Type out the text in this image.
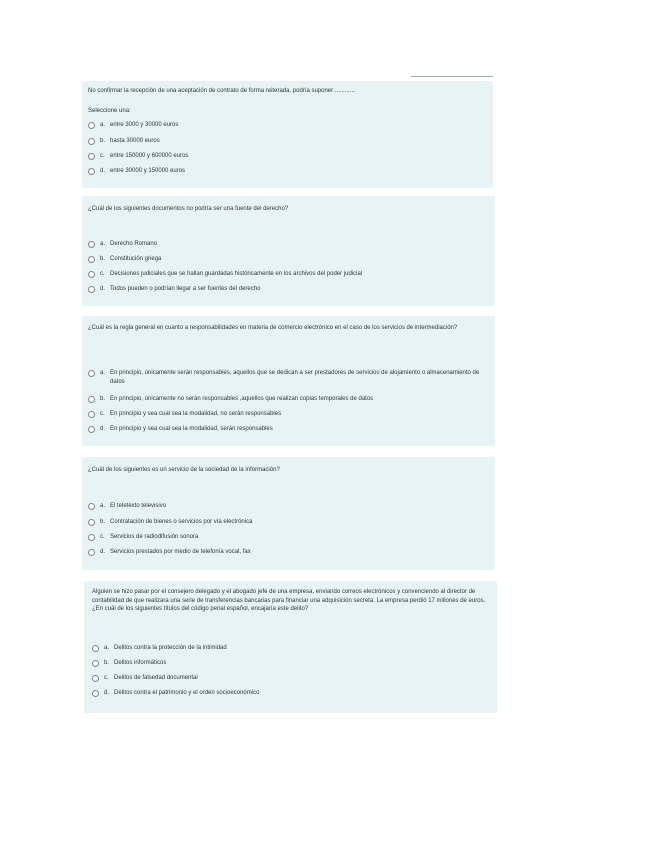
No confirmar la recepción de una aceptación de contrato de forma reiterada, podría suponer ............
Seleccione una:
a. entre 3000 y 30000 euros
b. hasta 30000 euros
c. entre 150000 y 600000 euros
d. entre 30000 y 150000 euros
¿Cuál de los siguientes documentos no podría ser una fuente del derecho?
a. Derecho Romano
b. Constitución griega
c. Decisiones judiciales que se hallan guardadas históricamente en los archivos del poder judicial
d. Todos pueden o podrían llegar a ser fuentes del derecho
¿Cuál es la regla general en cuanto a responsabilidades en materia de comercio electrónico en el caso de los servicios de intermediación?
a. En principio, únicamente serán responsables, aquellos que se dedican a ser prestadores de servicios de alojamiento o almacenamiento de datos
b. En principio, únicamente no serán responsables ,aquellos que realizan copias temporales de datos
c. En principio y sea cual sea la modalidad, no serán responsables
d. En principio y sea cual sea la modalidad, serán responsables
¿Cuál de los siguientes es un servicio de la sociedad de la información?
a. El teletexto televisivo
b. Contratación de bienes o servicios por vía electrónica
c. Servicios de radiodifusión sonora
d. Servicios prestados por medio de telefonía vocal, fax
Alguien se hizo pasar por el consejero delegado y el abogado jefe de una empresa, enviando correos electrónicos y convenciendo al director de contabilidad de que realizara una serie de transferencias bancarias para financiar una adquisición secreta. La empresa perdió 17 millones de euros. ¿En cuál de los siguientes títulos del código penal español, encajaría este delito?
a. Delitos contra la protección de la intimidad
b. Delitos informáticos
c. Delitos de falsedad documental
d. Delitos contra el patrimonio y el orden socioeconómico
